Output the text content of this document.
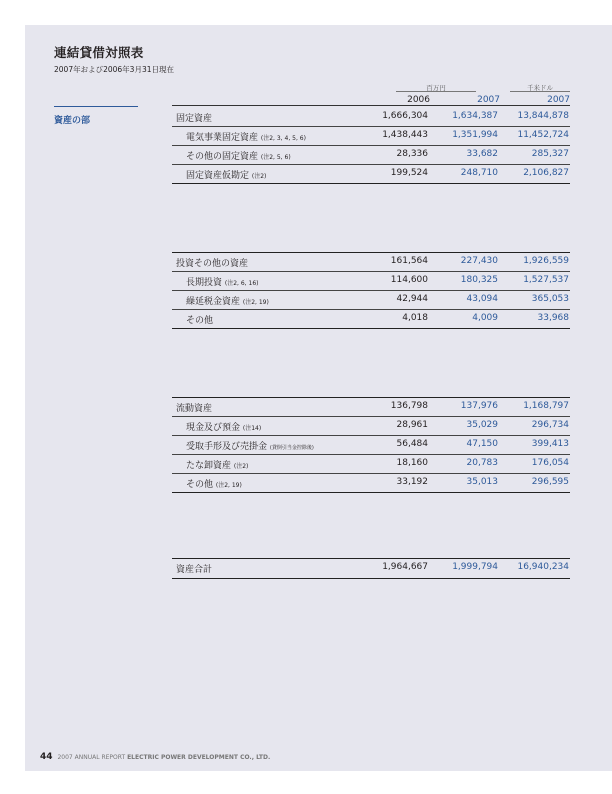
連結貸借対照表
2007年および2006年3月31日現在
百万円	千米ドル
2006	2007	2007
資産の部	固定資産	1,666,304	1,634,387	13,844,878
電気事業固定資産 (注2, 3, 4, 5, 6)	1,438,443	1,351,994	11,452,724
その他の固定資産 (注2, 5, 6)	28,336	33,682	285,327
固定資産仮勘定 (注2)	199,524	248,710	2,106,827
投資その他の資産	161,564	227,430	1,926,559
長期投資 (注2, 6, 16)	114,600	180,325	1,527,537
繰延税金資産 (注2, 19)	42,944	43,094	365,053
その他	4,018	4,009	33,968
流動資産	136,798	137,976	1,168,797
現金及び預金 (注14)	28,961	35,029	296,734
受取手形及び売掛金 (貸倒引当金控除後)	56,484	47,150	399,413
たな卸資産 (注2)	18,160	20,783	176,054
その他 (注2, 19)	33,192	35,013	296,595
資産合計	1,964,667	1,999,794	16,940,234
44 2007 ANNUAL REPORT ELECTRIC POWER DEVELOPMENT CO., LTD.
